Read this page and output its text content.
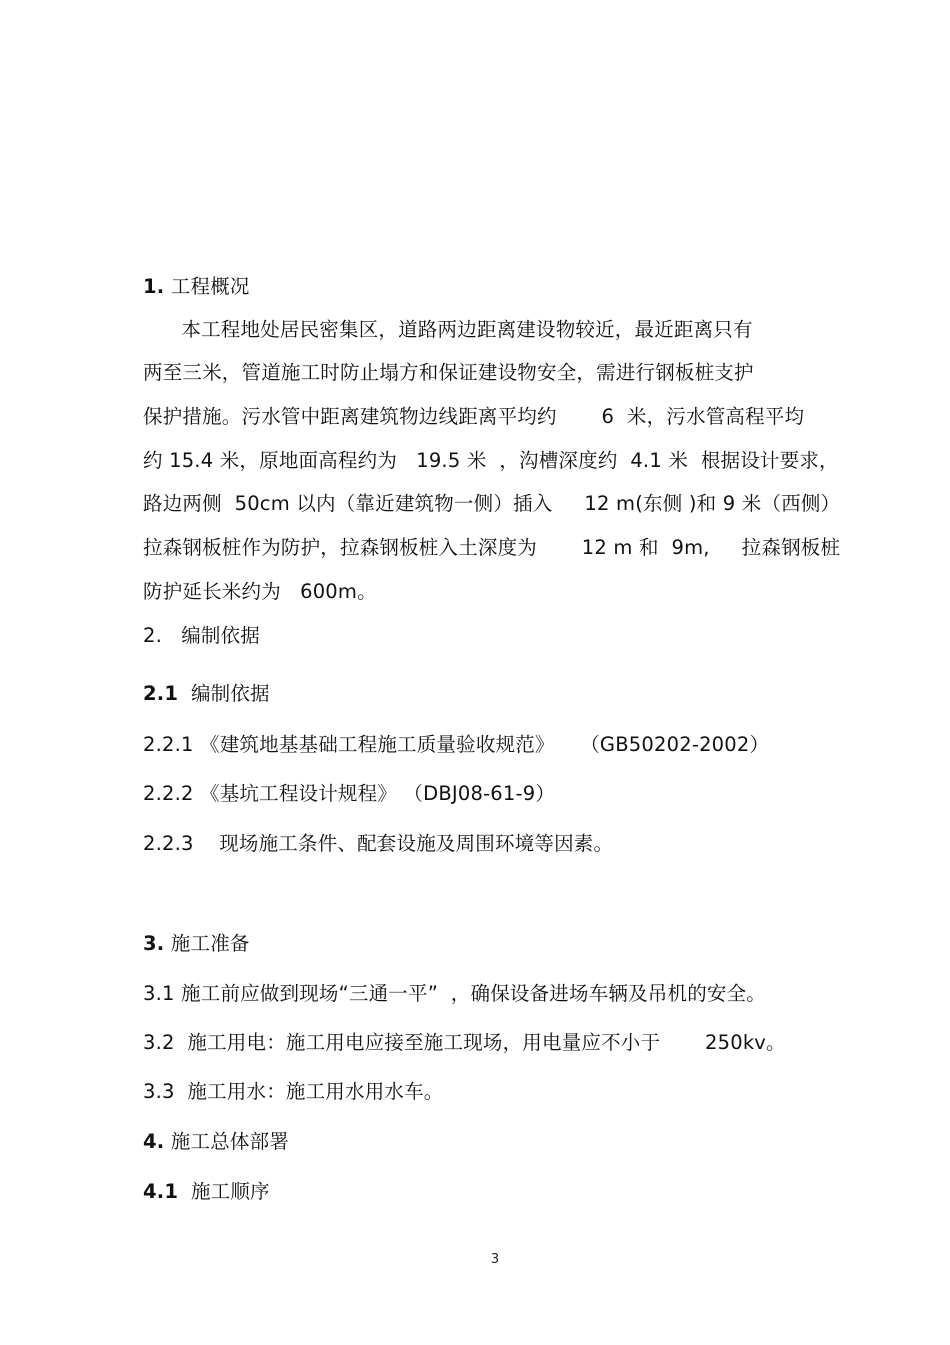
1. 工程概况
本工程地处居民密集区，道路两边距离建设物较近，最近距离只有
两至三米，管道施工时防止塌方和保证建设物安全，需进行钢板桩支护
保护措施。污水管中距离建筑物边线距离平均约       6  米，污水管高程平均
约 15.4 米，原地面高程约为   19.5 米  ，沟槽深度约  4.1 米  根据设计要求，
路边两侧  50cm 以内（靠近建筑物一侧）插入     12 m(东侧 )和 9 米（西侧）
拉森钢板桩作为防护，拉森钢板桩入土深度为       12 m 和  9m,     拉森钢板桩
防护延长米约为   600m。
2.   编制依据
2.1  编制依据
2.2.1 《建筑地基基础工程施工质量验收规范》    （GB50202-2002）
2.2.2 《基坑工程设计规程》 （DBJ08-61-9）
2.2.3    现场施工条件、配套设施及周围环境等因素。
3. 施工准备
3.1 施工前应做到现场“三通一平”  ，确保设备进场车辆及吊机的安全。
3.2  施工用电：施工用电应接至施工现场，用电量应不小于       250kv。
3.3  施工用水：施工用水用水车。
4. 施工总体部署
4.1  施工顺序
3
